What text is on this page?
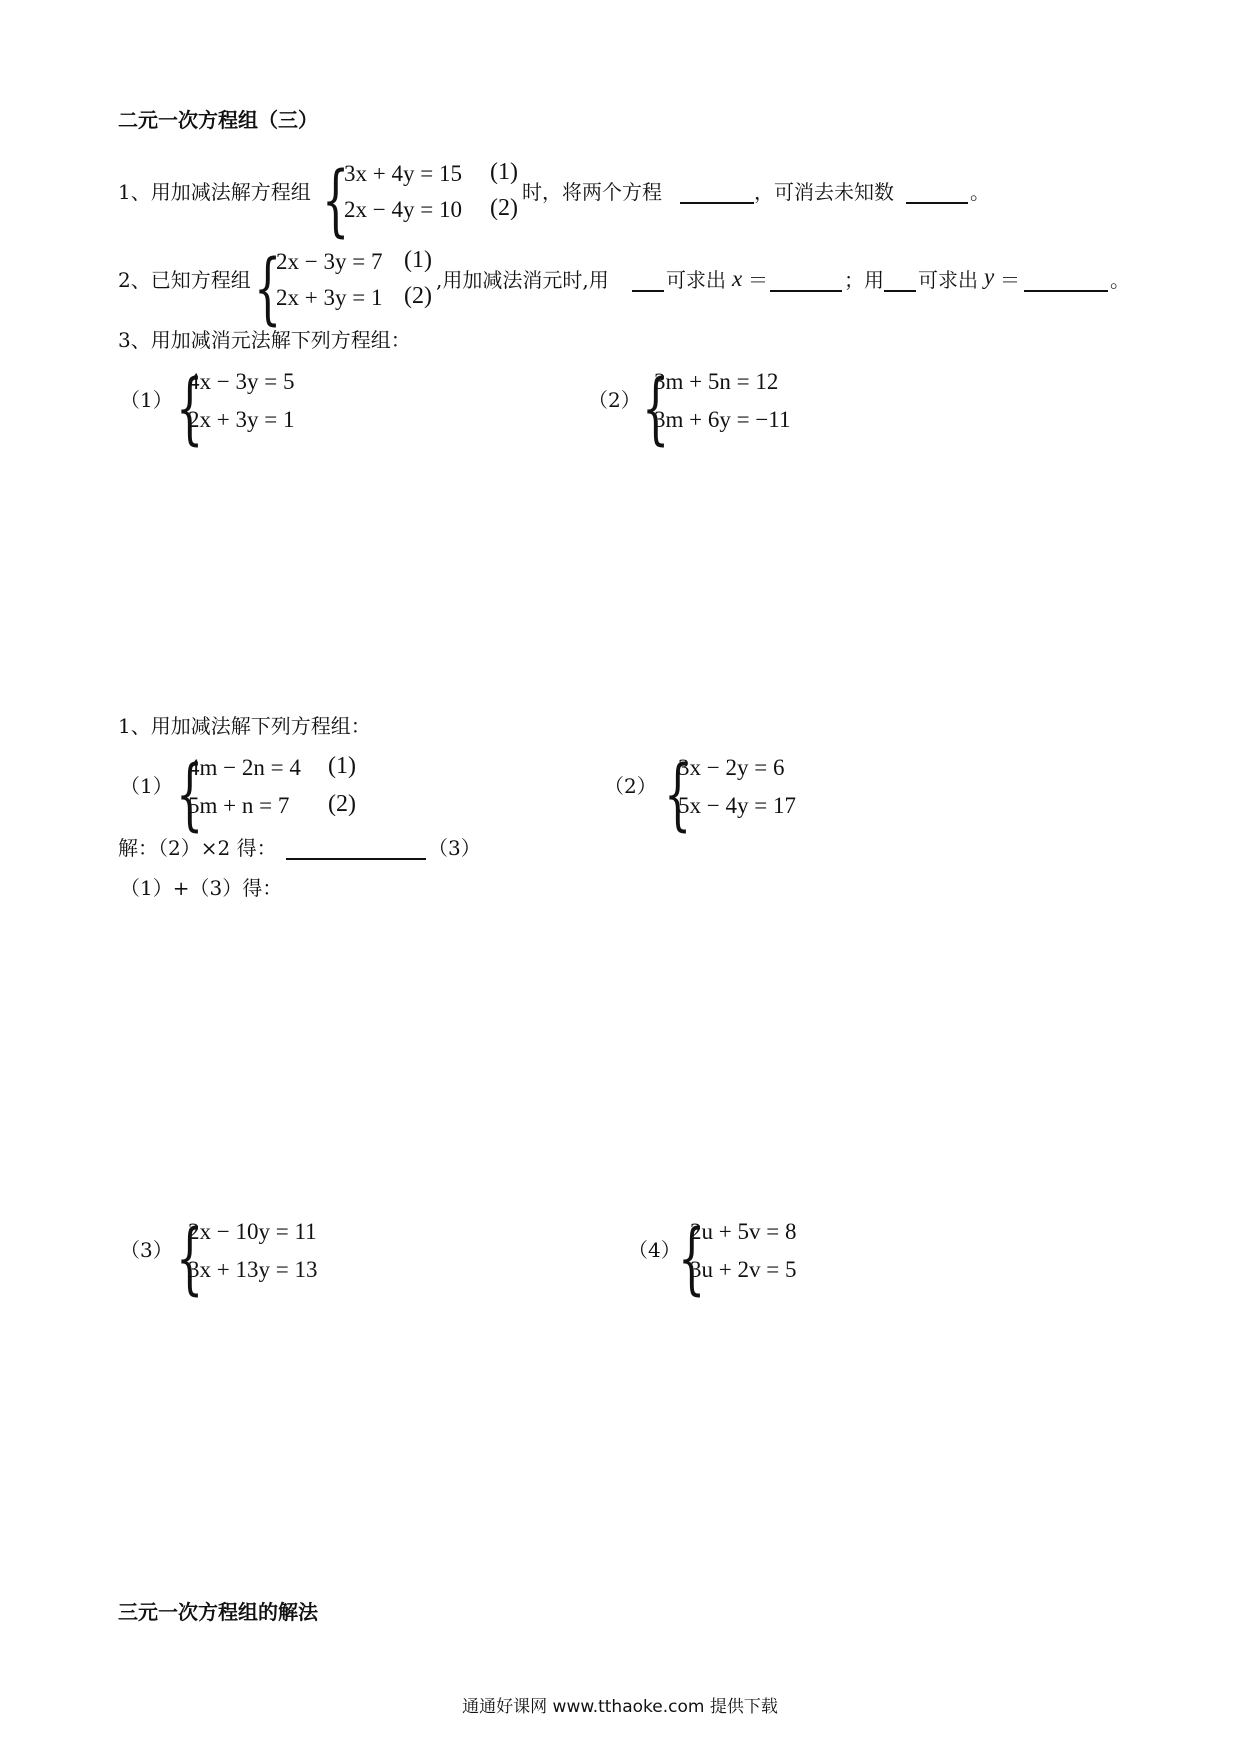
二元一次方程组（三）
1、用加减法解方程组 {
3x + 4y = 15 (1)
2x − 4y = 10 (2)
时，将两个方程	，可消去未知数	。
2、已知方程组 {
2x − 3y = 7 (1)
2x + 3y = 1 (2)
,用加减法消元时,用	可求出 x ＝	；用 可求出 y ＝	。
3、用加减消元法解下列方程组：
（1） {
4x − 3y = 5
2x + 3y = 1
（2） {
3m + 5n = 12
3m + 6y = −11
1、用加减法解下列方程组：
（1） {
4m − 2n = 4 (1)
5m + n = 7 (2)
（2） {
3x − 2y = 6
5x − 4y = 17
解：（2）×2 得：	（3）
（1）+（3）得：
（3） {
2x − 10y = 11
3x + 13y = 13
（4）
{
2u + 5v = 8
3u + 2v = 5
三元一次方程组的解法
通通好课网 www.tthaoke.com 提供下载
